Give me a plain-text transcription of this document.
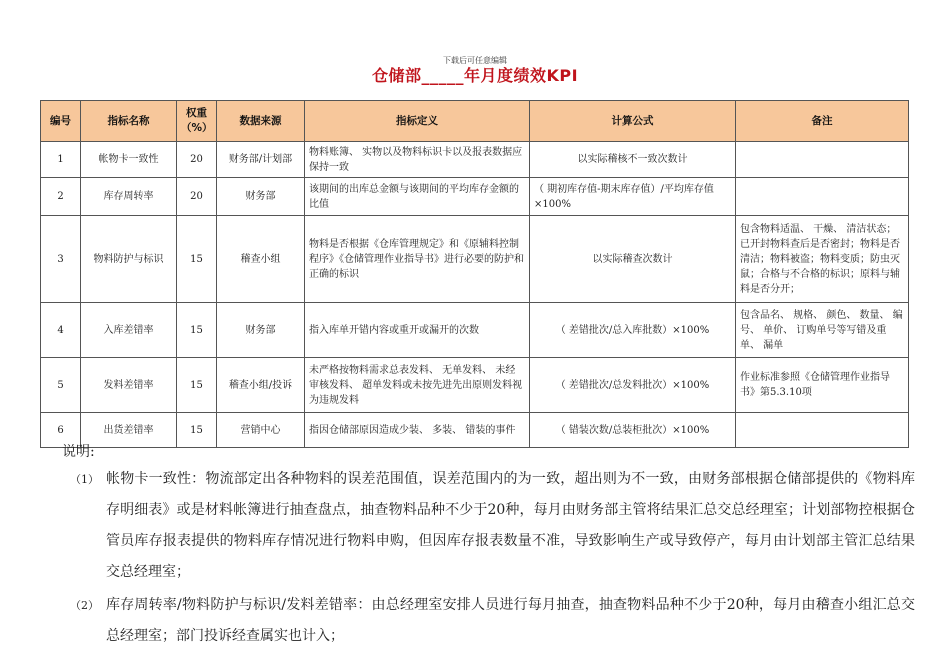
下载后可任意编辑
仓储部_____年月度绩效KPI
编号	指标名称	权重（%）	数据来源	指标定义	计算公式	备注
1	帐物卡一致性	20	财务部/计划部	物料账簿、 实物以及物料标识卡以及报表数据应保持一致	以实际稽核不一致次数计	
2	库存周转率	20	财务部	该期间的出库总金额与该期间的平均库存金额的比值	（ 期初库存值-期末库存值）/平均库存值×100%	
3	物料防护与标识	15	稽查小组	物料是否根据《仓库管理规定》和《原辅料控制程序》《仓储管理作业指导书》进行必要的防护和正确的标识	以实际稽查次数计	包含物料适温、 干燥、 清洁状态；已开封物料查后是否密封；物料是否清洁；物料被盗；物料变质；防虫灭鼠；合格与不合格的标识；原料与辅料是否分开；
4	入库差错率	15	财务部	指入库单开错内容或重开或漏开的次数	（ 差错批次/总入库批数）×100%	包含品名、 规格、 颜色、 数量、 编号、 单价、 订购单号等写错及重单、 漏单
5	发料差错率	15	稽查小组/投诉	未严格按物料需求总表发料、 无单发料、 未经审核发料、 超单发料或未按先进先出原则发料视为违规发料	（ 差错批次/总发料批次）×100%	作业标准参照《仓储管理作业指导书》第5.3.10项
6	出货差错率	15	营销中心	指因仓储部原因造成少装、 多装、 错装的事件	（ 错装次数/总装柜批次）×100%	
说明:
（1） 帐物卡一致性：物流部定出各种物料的误差范围值，误差范围内的为一致，超出则为不一致，由财务部根据仓储部提供的《物料库存明细表》或是材料帐簿进行抽查盘点，抽查物料品种不少于20种，每月由财务部主管将结果汇总交总经理室；计划部物控根据仓管员库存报表提供的物料库存情况进行物料申购，但因库存报表数量不准，导致影响生产或导致停产，每月由计划部主管汇总结果交总经理室；
（2） 库存周转率/物料防护与标识/发料差错率：由总经理室安排人员进行每月抽查，抽查物料品种不少于20种，每月由稽查小组汇总交总经理室；部门投诉经查属实也计入；
